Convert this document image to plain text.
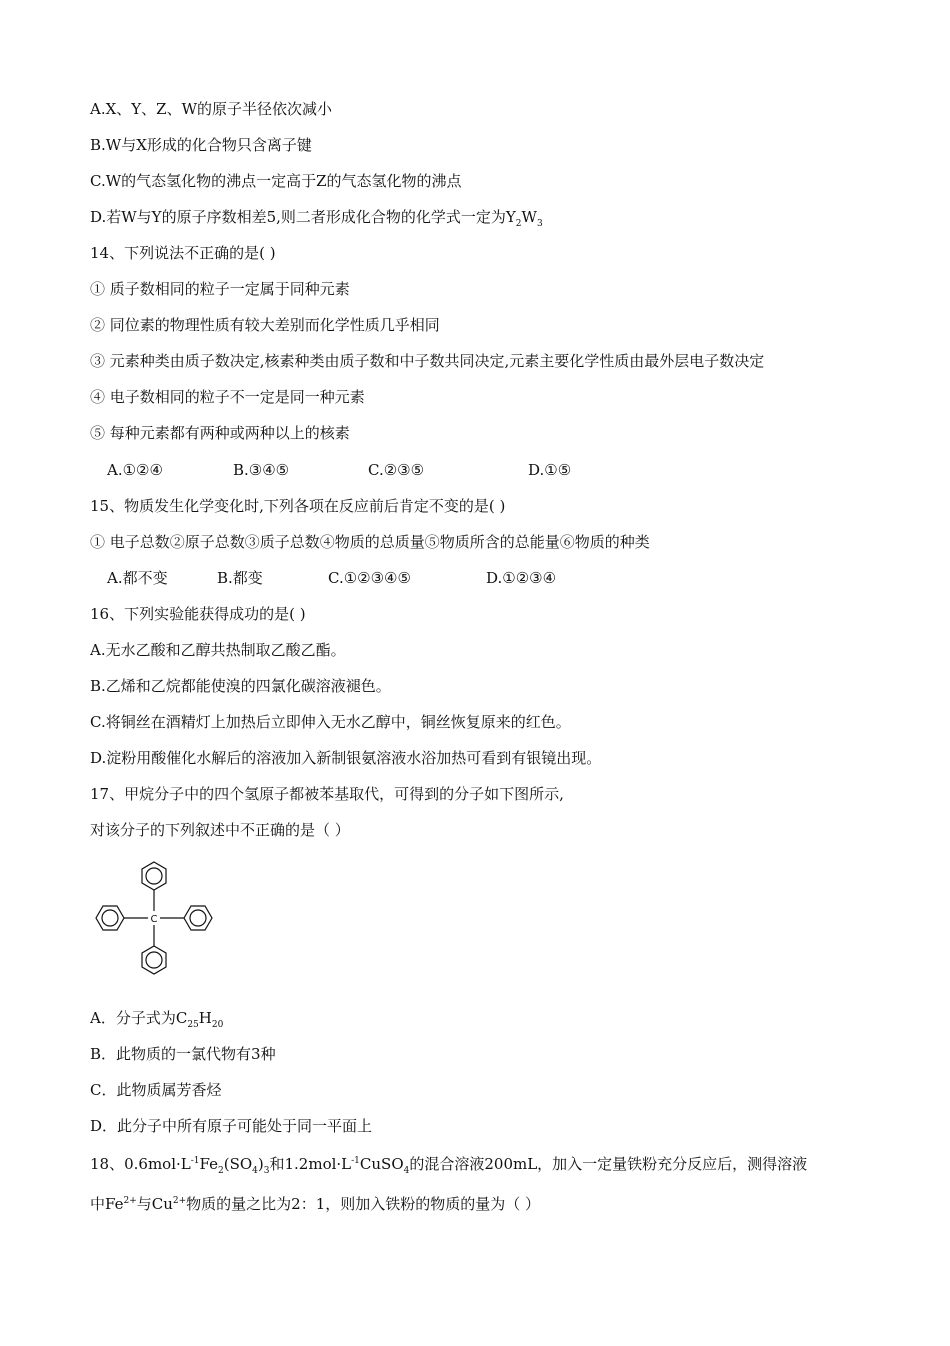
A.X、Y、Z、W的原子半径依次减小
B.W与X形成的化合物只含离子键
C.W的气态氢化物的沸点一定高于Z的气态氢化物的沸点
D.若W与Y的原子序数相差5,则二者形成化合物的化学式一定为$Y_2W_3$
14、下列说法不正确的是( )
① 质子数相同的粒子一定属于同种元素
② 同位素的物理性质有较大差别而化学性质几乎相同
③ 元素种类由质子数决定,核素种类由质子数和中子数共同决定,元素主要化学性质由最外层电子数决定
④ 电子数相同的粒子不一定是同一种元素
⑤ 每种元素都有两种或两种以上的核素
A.①②④	B.③④⑤	C.②③⑤	D.①⑤
15、物质发生化学变化时,下列各项在反应前后肯定不变的是( )
① 电子总数②原子总数③质子总数④物质的总质量⑤物质所含的总能量⑥物质的种类
A.都不变	B.都变	C.①②③④⑤	D.①②③④
16、下列实验能获得成功的是( )
A.无水乙酸和乙醇共热制取乙酸乙酯。
B.乙烯和乙烷都能使溴的四氯化碳溶液褪色。
C.将铜丝在酒精灯上加热后立即伸入无水乙醇中，铜丝恢复原来的红色。
D.淀粉用酸催化水解后的溶液加入新制银氨溶液水浴加热可看到有银镜出现。
17、甲烷分子中的四个氢原子都被苯基取代，可得到的分子如下图所示,
对该分子的下列叙述中不正确的是（ ）
C
A．分子式为$C_{25}H_{20}$
B．此物质的一氯代物有3种
C．此物质属芳香烃
D．此分子中所有原子可能处于同一平面上
18、$0.6mol\cdot L^{-1}Fe_2(SO_4)_3$和$1.2mol\cdot L^{-1}CuSO_4$的混合溶液200mL，加入一定量铁粉充分反应后，测得溶液
中$Fe^{2+}$与$Cu^{2+}$物质的量之比为2：1，则加入铁粉的物质的量为（ ）
